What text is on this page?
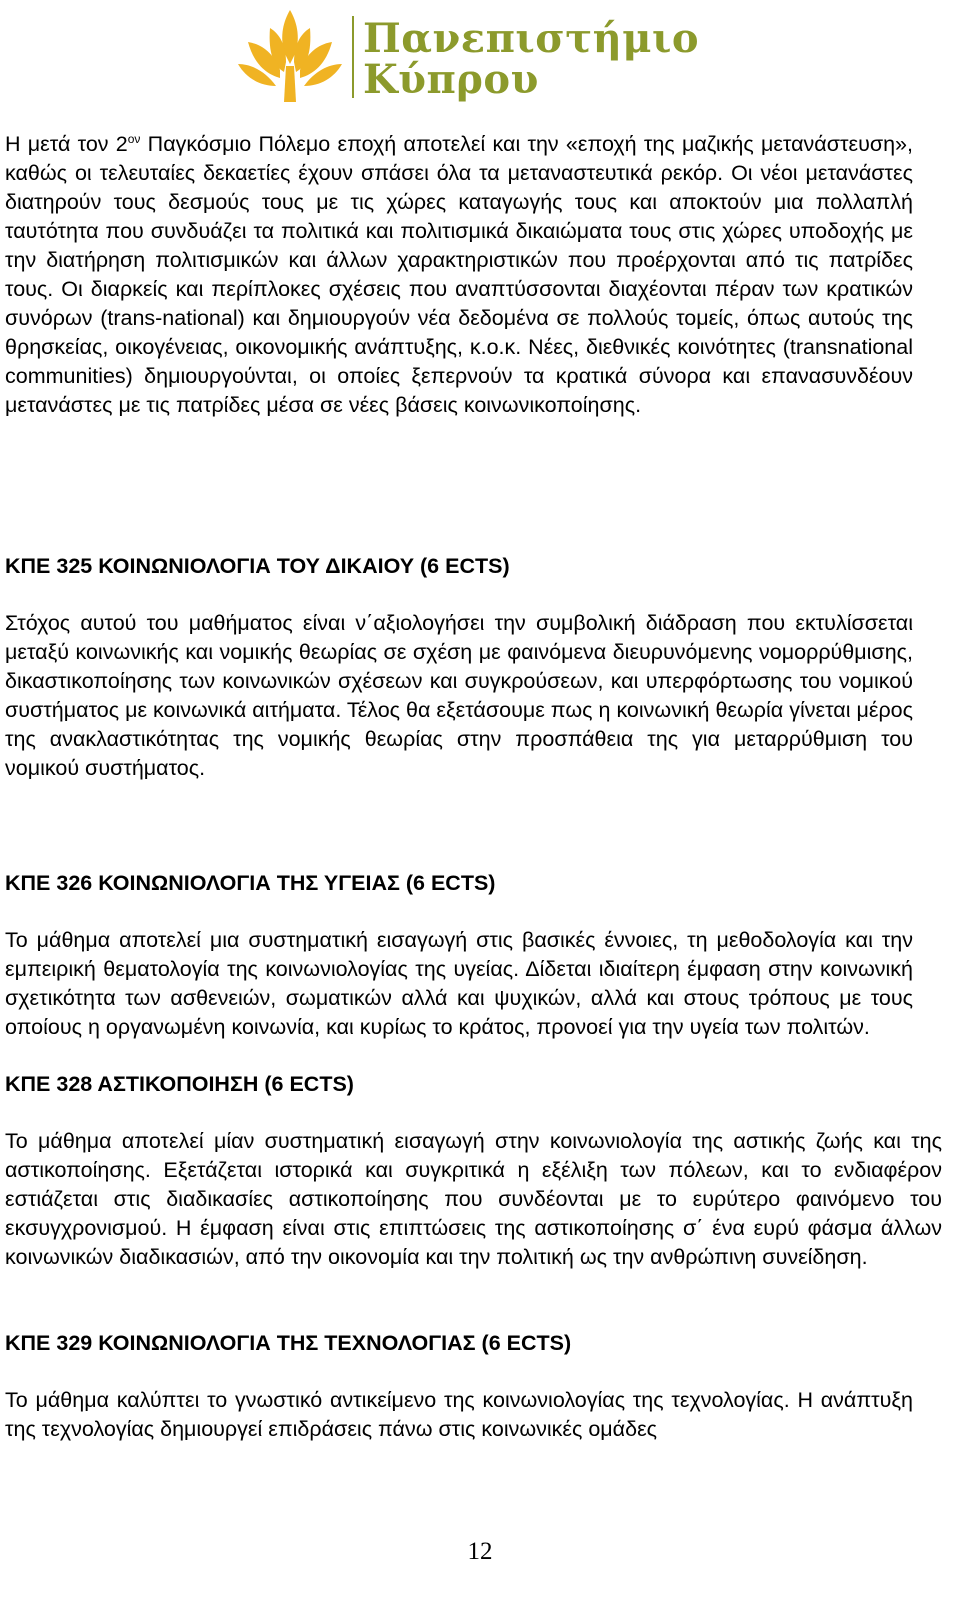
Πανεπιστήμιο
Κύπρου

Η μετά τον $2^{o\nu}$ Παγκόσμιο Πόλεμο εποχή αποτελεί και την «εποχή της μαζικής μετανάστευση», καθώς οι τελευταίες δεκαετίες έχουν σπάσει όλα τα μεταναστευτικά ρεκόρ. Οι νέοι μετανάστες διατηρούν τους δεσμούς τους με τις χώρες καταγωγής τους και αποκτούν μια πολλαπλή ταυτότητα που συνδυάζει τα πολιτικά και πολιτισμικά δικαιώματα τους στις χώρες υποδοχής με την διατήρηση πολιτισμικών και άλλων χαρακτηριστικών που προέρχονται από τις πατρίδες τους. Οι διαρκείς και περίπλοκες σχέσεις που αναπτύσσονται διαχέονται πέραν των κρατικών συνόρων (trans-national) και δημιουργούν νέα δεδομένα σε πολλούς τομείς, όπως αυτούς της θρησκείας, οικογένειας, οικονομικής ανάπτυξης, κ.ο.κ. Νέες, διεθνικές κοινότητες (transnational communities) δημιουργούνται, οι οποίες ξεπερνούν τα κρατικά σύνορα και επανασυνδέουν μετανάστες με τις πατρίδες μέσα σε νέες βάσεις κοινωνικοποίησης.

ΚΠΕ 325 ΚΟΙΝΩΝΙΟΛΟΓΙΑ ΤΟΥ ΔΙΚΑΙΟΥ (6 ECTS)

Στόχος αυτού του μαθήματος είναι ν΄αξιολογήσει την συμβολική διάδραση που εκτυλίσσεται μεταξύ κοινωνικής και νομικής θεωρίας σε σχέση με φαινόμενα διευρυνόμενης νομορρύθμισης, δικαστικοποίησης των κοινωνικών σχέσεων και συγκρούσεων, και υπερφόρτωσης του νομικού συστήματος με κοινωνικά αιτήματα. Τέλος θα εξετάσουμε πως η κοινωνική θεωρία γίνεται μέρος της ανακλαστικότητας της νομικής θεωρίας στην προσπάθεια της για μεταρρύθμιση του νομικού συστήματος.

ΚΠΕ 326 ΚΟΙΝΩΝΙΟΛΟΓΙΑ ΤΗΣ ΥΓΕΙΑΣ (6 ECTS)

Το μάθημα αποτελεί μια συστηματική εισαγωγή στις βασικές έννοιες, τη μεθοδολογία και την εμπειρική θεματολογία της κοινωνιολογίας της υγείας. Δίδεται ιδιαίτερη έμφαση στην κοινωνική σχετικότητα των ασθενειών, σωματικών αλλά και ψυχικών, αλλά και στους τρόπους με τους οποίους η οργανωμένη κοινωνία, και κυρίως το κράτος, προνοεί για την υγεία των πολιτών.

ΚΠΕ 328 ΑΣΤΙΚΟΠΟΙΗΣΗ (6 ECTS)

Το μάθημα αποτελεί μίαν συστηματική εισαγωγή στην κοινωνιολογία της αστικής ζωής και της αστικοποίησης. Εξετάζεται ιστορικά και συγκριτικά η εξέλιξη των πόλεων, και το ενδιαφέρον εστιάζεται στις διαδικασίες αστικοποίησης που συνδέονται με το ευρύτερο φαινόμενο του εκσυγχρονισμού. Η έμφαση είναι στις επιπτώσεις της αστικοποίησης σ΄ ένα ευρύ φάσμα άλλων κοινωνικών διαδικασιών, από την οικονομία και την πολιτική ως την ανθρώπινη συνείδηση.

ΚΠΕ 329 ΚΟΙΝΩΝΙΟΛΟΓΙΑ ΤΗΣ ΤΕΧΝΟΛΟΓΙΑΣ (6 ECTS)

Το μάθημα καλύπτει το γνωστικό αντικείμενο της κοινωνιολογίας της τεχνολογίας. Η ανάπτυξη της τεχνολογίας δημιουργεί επιδράσεις πάνω στις κοινωνικές ομάδες

12
